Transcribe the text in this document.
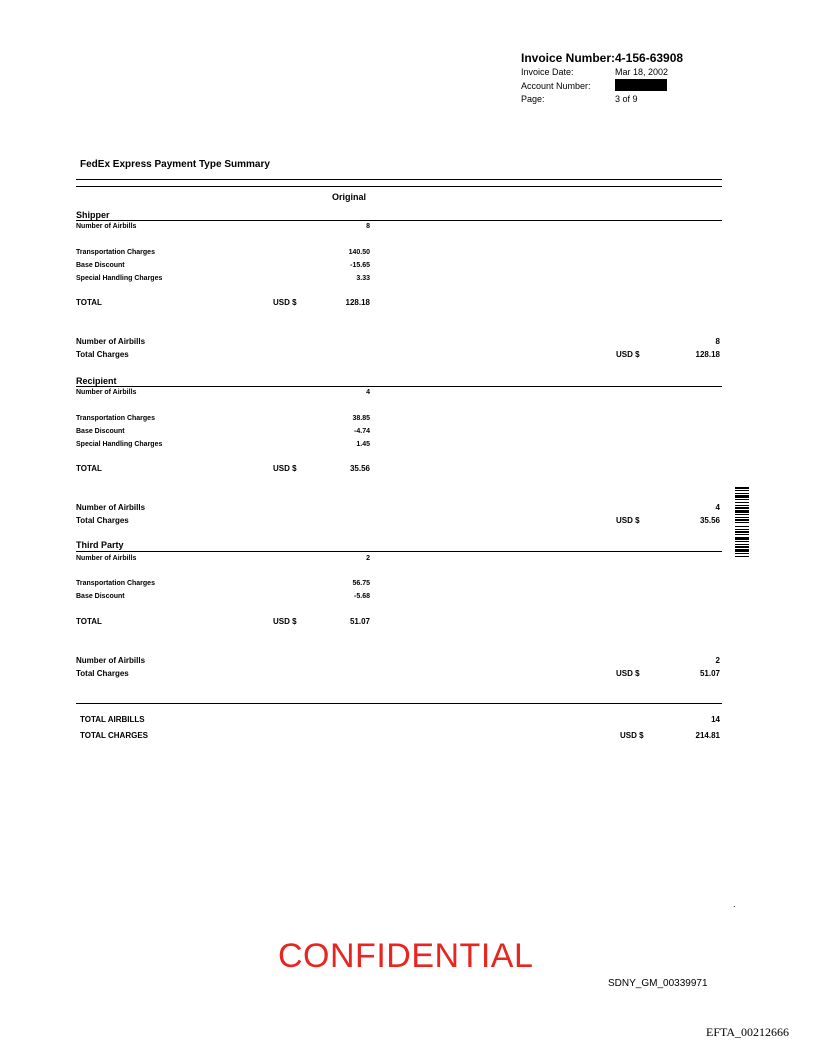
Invoice Number: 4-156-63908
Invoice Date:	Mar 18, 2002
Account Number:
Page:	3 of 9
FedEx Express Payment Type Summary
Original
Shipper
Number of Airbills	8
Transportation Charges	140.50
Base Discount	-15.65
Special Handling Charges	3.33
TOTAL	USD $	128.18
Number of Airbills	8
Total Charges	USD $	128.18
Recipient
Number of Airbills	4
Transportation Charges	38.85
Base Discount	-4.74
Special Handling Charges	1.45
TOTAL	USD $	35.56
Number of Airbills	4
Total Charges	USD $	35.56
Third Party
Number of Airbills	2
Transportation Charges	56.75
Base Discount	-5.68
TOTAL	USD $	51.07
Number of Airbills	2
Total Charges	USD $	51.07
TOTAL AIRBILLS	14
TOTAL CHARGES	USD $	214.81
.
CONFIDENTIAL
SDNY_GM_00339971
EFTA_00212666
